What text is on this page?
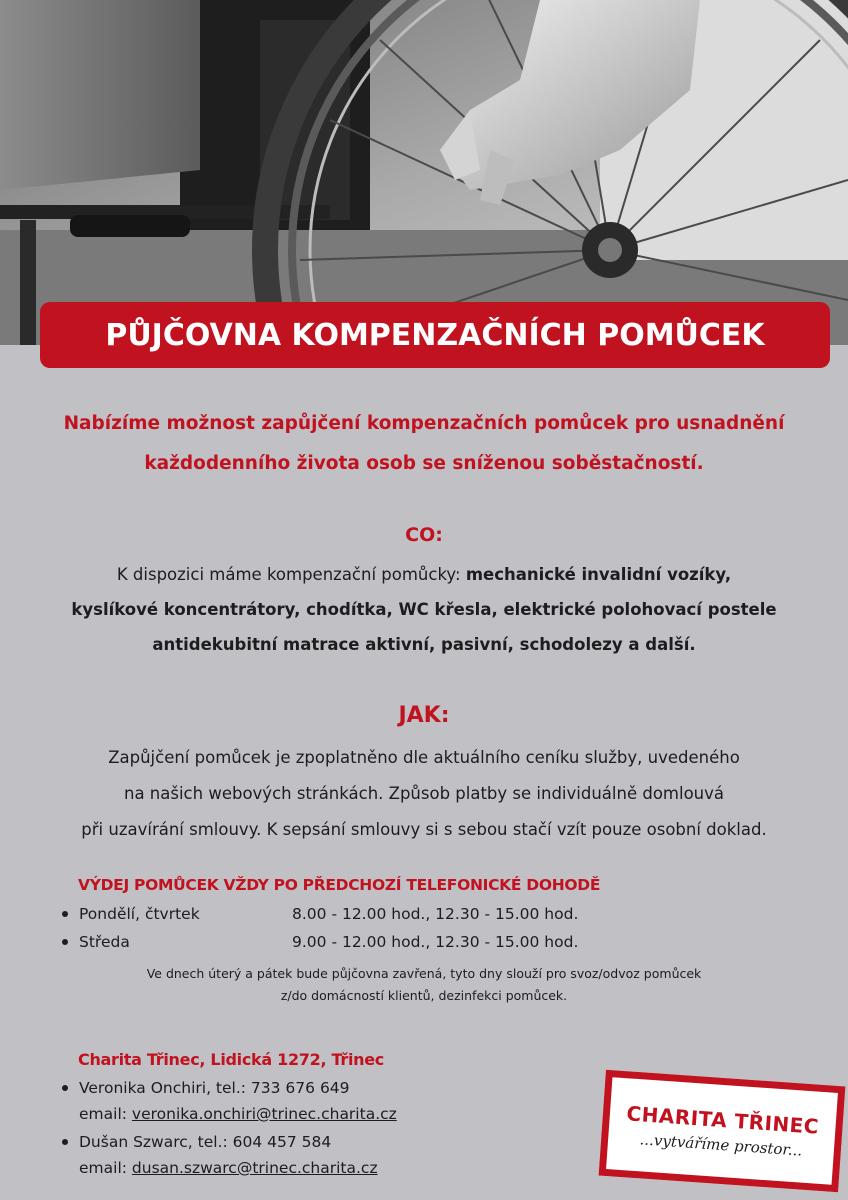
PŮJČOVNA KOMPENZAČNÍCH POMŮCEK
Nabízíme možnost zapůjčení kompenzačních pomůcek pro usnadnění
každodenního života osob se sníženou soběstačností.
CO:
K dispozici máme kompenzační pomůcky: mechanické invalidní vozíky,
kyslíkové koncentrátory, chodítka, WC křesla, elektrické polohovací postele
antidekubitní matrace aktivní, pasivní, schodolezy a další.
JAK:
Zapůjčení pomůcek je zpoplatněno dle aktuálního ceníku služby, uvedeného
na našich webových stránkách. Způsob platby se individuálně domlouvá
při uzavírání smlouvy. K sepsání smlouvy si s sebou stačí vzít pouze osobní doklad.
VÝDEJ POMŮCEK VŽDY PO PŘEDCHOZÍ TELEFONICKÉ DOHODĚ
Pondělí, čtvrtek	8.00 - 12.00 hod., 12.30 - 15.00 hod.
Středa	9.00 - 12.00 hod., 12.30 - 15.00 hod.
Ve dnech úterý a pátek bude půjčovna zavřená, tyto dny slouží pro svoz/odvoz pomůcek
z/do domácností klientů, dezinfekci pomůcek.
Charita Třinec, Lidická 1272, Třinec
Veronika Onchiri, tel.: 733 676 649
email: veronika.onchiri@trinec.charita.cz
Dušan Szwarc, tel.: 604 457 584
email: dusan.szwarc@trinec.charita.cz
CHARITA TŘINEC
...vytváříme prostor...
